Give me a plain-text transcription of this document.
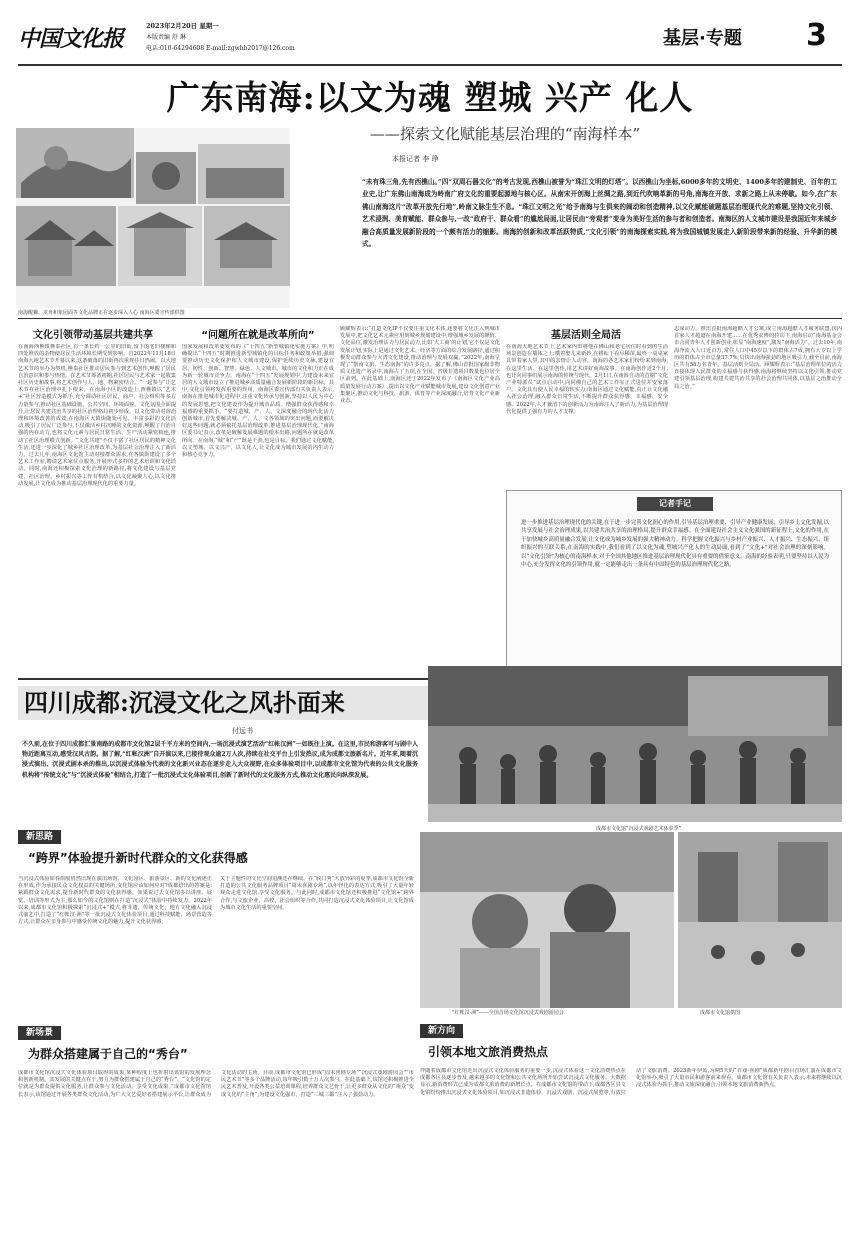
中国文化报	2023年2月20日 星期一
本版责编 舒 琳
电话:010-64294608 E-mail:zgwhb2017@126.com	基层·专题 3
广东南海:以文为魂 塑城 兴产 化人
——探索文化赋能基层治理的“南海样本”
本报记者 李 琤
南海醒狮、龙舟和象园面等文化品牌正在逐步深入人心 南海区委宣传部供图
“未有珠三角,先有西樵山。”四“双周石器文化”的考古发现,西樵山被誉为“珠江文明的灯塔”。以西樵山为坐标,6000多年的文明史、1400多年的建制史、百年的工业史,让广东佛山南海成为岭南广府文化的重要起源地与核心区。从南宋开创海上丝绸之路,到近代吹响革新的号角,南海在开放、求新之路上从未停歇。如今,在广东佛山南海这片“改革开放先行地”,岭南文脉生生不息。“珠江文明之光”给予南海与生俱来的阔动和创造精神,以文化赋能破题基层治理现代化的难题,坚持文化引领、艺术浸润、美育赋能、群众参与,一改“政府干、群众看”的尴尬局面,让居民由“旁观者”变身为美好生活的参与者和创造者。南海区的人文城市建设是我国近年来城乡融合高质量发展新阶段的一个颇有活力的缩影。南海的创新和改革活跃特质,“文化引领”的南海探索实践,将为我国城镇发展走入新阶段带来新的经验、升华新的模式。
文化引领带动基层共建共享
在南海西樵镇樵泰社区,有一条长约一公里的旧街,留下的老旧楼梯和四处堆放的杂物使居民生活环境长期受到影响。自2022年11月18日南海大地艺术节开幕以来,这条破落的旧街再次重现往日热闹。以大地艺术节的举办为契机,樵泰社区推动居民参与到艺术创作,唤醒了居民自治意识和参与热情。在艺术节筹备初期,社区居民与艺术家一起收集社区历史和故事,将艺术创作与人、地、物紧密结合。“一起参与”让艺术节在社区治理中扎下根来。在南海小区的改造上,西樵镇以“艺术+”社区营造模式为抓手,充分调动社区居民、商户、社会组织等多方力量参与,推动社区基础设施、公共空间、环境面貌、文化氛围全面提升,让居民共建共治共享的社区治理格局初步形成。以文化带动对溶治理和环境改善的成效,在南海区大镇街随处可见。丰富多彩的文化活动,吸引了居民广泛参与,不仅激活乡村沉睡的文化资源,唤醒了自治自强的内在动力,也将文化元素与居民日常生活、生产活动紧密相连,推动了社区治理模式创新。“文化共建”不仅丰富了社区居民的精神文化生活,还进一步深化了城乡社区治理改革,为基层社会治理注入了新活力。过去几年,南海区文化馆主动对接群众需求,在各镇街建设了多个艺术工作室,聘请艺术家驻点服务,开展形式多样的艺术培训和文化活动。同时,南海还积极探索文化治理的新路径,将文化建设与基层党建、社区治理、乡村振兴等工作有机结合,以文化凝聚人心,以文化推动发展,让文化成为推动基层治理现代化的重要力量。
“问题所在就是改革所向”
国家发展和改革委发布的《“十四五”新型城镇化实施方案》中,明确提出“十四五”时期推进新型城镇化的目标任务和政策举措,强调要推动历史文化保护和人文城市建设,保护延续历史文脉,建设宜居、韧性、创新、智慧、绿色、人文城市。城市的文化积力正在成为新一轮城市竞争力。南海在“十四五”发展规划中,力建设未来宜居的人文城市设立了推进城乡高质量融合发展新阶段的新目标。其中,文化引领将发挥重要的作用。南海区委宣传部有关负责人表示,南海在推进城市化进程中,注重文化传承与创新,坚持以人民为中心的发展思想,把文化建设作为提升城市品质、增强群众获得感和幸福感的重要抓手。“要打造城、产、人、文深度融合的现代化活力创新城市,首先要解决城、产、人、文各领域的突出问题,而要解决好这些问题,就必须依托基层治理改革,推进基层治理现代化。”南海区委书记表示,改革是破解发展难题的根本出路,问题所在就是改革所向。在南海,“城”和“产”既是干劲,也是目标。我们通过文化赋能,以文塑城、以文兴产、以文化人,让文化成为城市发展的内生动力和核心竞争力。
顾耀辉表示:“打造文化IP不仅要注重文化本体,还要将文化注入到城市发展中,把文化艺术元素应用到城乡规划建设中,增强城乡发展的颜值、文化品位,激发治理活力与居民动力,比如‘大工商’的计划,它不仅是文化发展计划,实际上是通过文化艺术、经济等方面的综合发展路径,通过积极发动群众参与大湾文化建设,推动治理与发展双赢。”2022年,南海呈现了“帮南文旅、生态南海”的许多亮点。据了解,佛山首批国家级非物质文化遗产名录中,南海占了五项,在全国、省级非遗项目数量也位居全区前列。在此基础上,南海区还于2022年发布了《南海区文化产业高质量发展行动方案》,提出以文化产业赋能城市发展,建设文化创意产业集聚区,推动文化与科技、旅游、体育等产业深度融合,培育文化产业新业态。
基层活则全局活
在南海大地艺术节上,艺术家内田将他在佛山和老宅居住时看到的生活场景创造在墙体之上;横着娶儿来新妙,在耕耘下看尽稀苗,最终一桌桌家具带着家人里,其中的亲情让人动容。南海的各艺术家们纷纷来到南海,在这里生活、在这里创作,用艺术讲好南海故事。在南海创作近2个月,也让向同事们展示南海的传统与现代。2月1日,在南海自动的首期“文化产业特派员”试点启动中,向同佛自己的艺术工作室正式进驻并安家落户。文化具有使人民幸福的软实力,南海区通过文化赋能,真正让文化融入社会治理,融入群众日常生活,不断提升群众获得感、幸福感、安全感。2022年,人才兼清下的创新活力为南海注入了新活力,为基层治理现代化提供了强有力的人才支撑。
志深动力。推出首批南海超酷人才公寓,成立南海超酷人才服务联盟,国内首家人才超道在南海开建……在优秀农博的拉动下,南海启动“南海基金会市合同青年人才创新创业,彰显“南海速度”,激发“南海活力”。过去10年,南海净流入人口近百万,常住人口中45岁以下的群体占7成,拥有大专以上学历的群体占全市总量37.7%,员快出南海强劲的地区吸引力,截至目前,南海区共有58万名青年。基层活则全局活。顾耀辉表示:“基层治理单位的活力直接体现人民群众的幸福感与获得感,南海将继续坚持以文化引领,推动党建引领基层治理,构建共建共治共享的社会治理共同体,以基层之治推动全局之治。”
记者手记
进一步推进基层治理现代化的关键,在于进一步完善文化润心的作用,引导基层治理重要、引导产业健康发展、引导乡土文化发掘,以共享发展与社会治理成果,以共建共治共享的治理格局,提升群众幸福感。在全面建设社会主义文化强国的新征程上,文化的作用,在于加快城乡高质量融合发展,让文化成为城乡发展的强大精神动力。科学把握文化振兴与乡村产业振兴、人才振兴、生态振兴、组织振兴的互联关系,在南海的实践中,我们看到了以文化为魂,塑城兴产化人的生动局面,看到了“文化+”对社会治理的深刻影响。以“文化引领”为核心的南海样本,对于全国其他地区推进基层治理现代化具有重要的借鉴意义。南海的经验表明,只要坚持以人民为中心,充分发挥文化的引领作用,就一定能够走出一条具有中国特色的基层治理现代化之路。
四川成都:沉浸文化之风扑面来
付远书
不久前,在位于四川成都汇景南路的成都市文化馆2层千平方米的空间内,一场沉浸式演艺活动“红帐汉洲”一如既往上演。在这里,市民和游客可与剧中人物近距离互动,感受汉风古韵。据了解,“红帐汉洲”自开演以来,已接待观众逾2万人次,持续在社交平台上引发热议,成为成都文旅新名片。近年来,随着沉浸式演出、沉浸式剧本杀的推出,以沉浸式体验为代表的文化新兴业态在逐步走入大众视野,在众多体验项目中,以成都市文化馆为代表的公共文化服务机构将“传统文化”与“沉浸式体验”相结合,打造了一批沉浸式文化体验项目,创新了新时代的文化服务方式,推动文化惠民向纵深发展。
成都市文化馆“沉浸式戏剧艺术体验季”
新思路
“跨界”体验提升新时代群众的文化获得感
当沉浸式体验如春雨般悄然出现在演出场馆、文化园区、旅游景区、新的文化阐述正在形成,作为承接民众文化权益的关键场所,文化馆应该如何应对?成都给出的答案是:紧跟群众文化需求,提升新时代群众的文化获得感。如果说过去文化馆多以讲座、展览、培训等形式为主,那么如今的文化馆则在打造“沉浸式”体验中持续发力。2022年以来,成都市文化馆积极探索“沉浸式+”模式,将非遗、传统文化、地方文化融入沉浸式演艺中,打造了“红帐汉·洲”等一批沉浸式文化体验项目,通过科技赋能、场景营造等方式,让群众在亲身参与中感受传统文化的魅力,提升文化获得感。
关于主题性的文化空间追溯还在继续。在“脱口秀”大放异彩的夏季,成都市文化馆全新打造的公共文化服务品牌项目“周末喜剧专场”,以年轻化的表达方式,吸引了大量年轻观众走进文化馆,享受文化服务。与此同时,成都市文化馆还积极推进“文化馆+”跨界合作,与文旅企业、高校、社会组织等合作,共同打造沉浸式文化体验项目,让文化馆成为城市文化生活的重要空间。
“红帐汉·洲”——全国首场文化馆沉浸式戏剧游园会	成都市文化馆供图
新方向
引领本地文旅消费热点
伴随着成都市文化馆近出沉浸式文化体验服务的重要一步,沉浸式体验这一文化消费热点在成都各区县逐步普及,越来越多的文化馆和公共文化场所开始尝试沉浸式文化服务。大数据显示,新消费形式已成为成都文旅消费的新增长点。在成都市文化馆的带动下,成都各区县文化馆纷纷推出沉浸式文化体验项目,如沉浸式非遗体验、沉浸式戏剧、沉浸式展览等,有效拉动了文旅消费。2023新年伊始,为期5天的“百戏·喜剧”成都新年剧目首场汇演在成都市文化馆举办,吸引了大量市民和游客前来观看。成都市文化馆有关负责人表示,未来将继续以沉浸式体验为抓手,推动文旅深度融合,引领本地文旅消费新热点。
新场景
为群众搭建属于自己的“秀台”
成都市文化馆沉浸式文化体验项目取得的成果,某种程度上也折射出该馆的发展理念和创新机制。其发展的关键点在于,努力为群众搭建属于自己的“秀台”。“文化馆的定位就是为群众提供文化服务,让群众参与文化活动、享受文化成果。”成都市文化馆馆长表示,该馆通过开展各类群众文化活动,为广大文艺爱好者搭建展示平台,让群众成为文化活动的主角。目前,成都市文化馆已形成“周末喜剧专场”“沉浸式戏剧游园会”“市民艺术节”等多个品牌活动,每年吸引数十万人次参与。在此基础上,该馆还积极推进全民艺术普及,开设各类公益培训课程,培养群众文艺骨干,让更多群众从文化的“观众”变成文化的“主角”,为建设文化强市、打造“三城三都”注入了强劲动力。
